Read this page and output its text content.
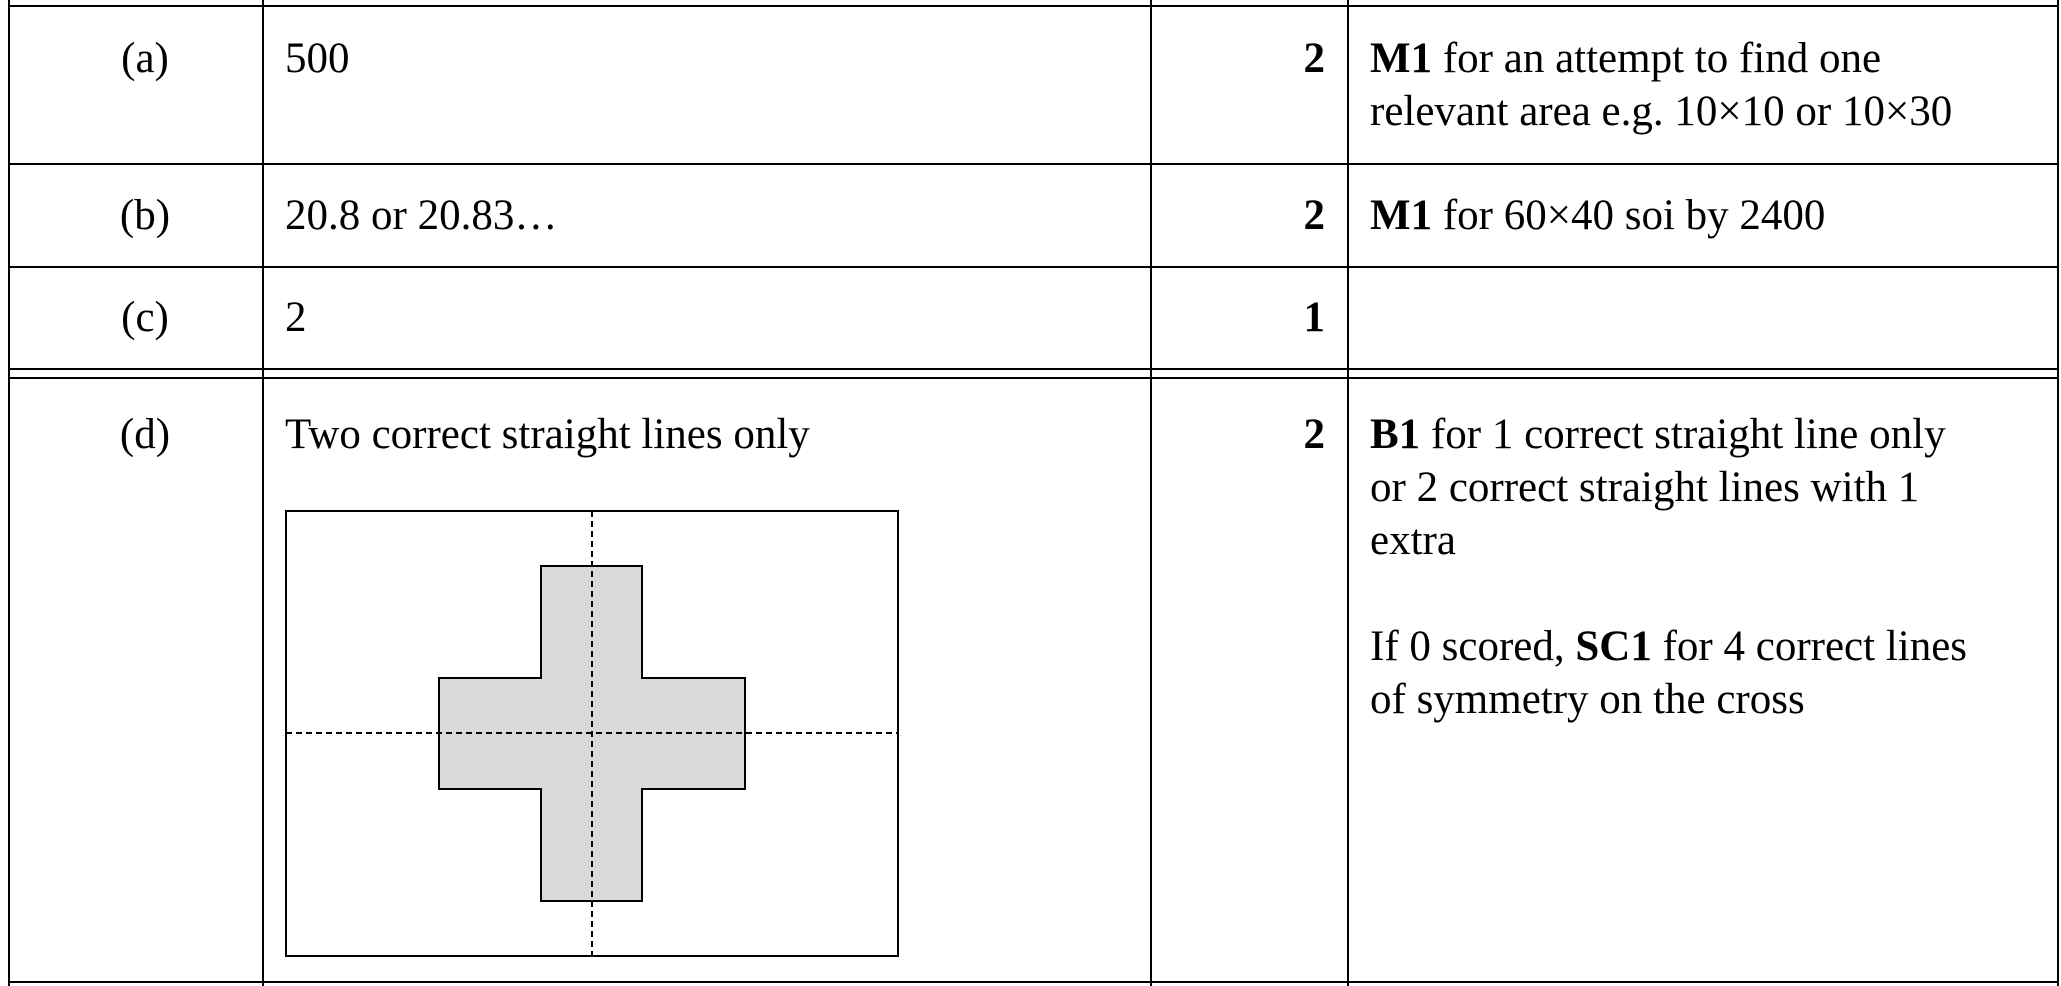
(a)	500	2 M1 for an attempt to find one
relevant area e.g. 10×10 or 10×30
(b)	20.8 or 20.83…	2 M1 for 60×40 soi by 2400
(c)	2	1
(d)	Two correct straight lines only	2 B1 for 1 correct straight line only
or 2 correct straight lines with 1
extra
If 0 scored, SC1 for 4 correct lines
of symmetry on the cross
